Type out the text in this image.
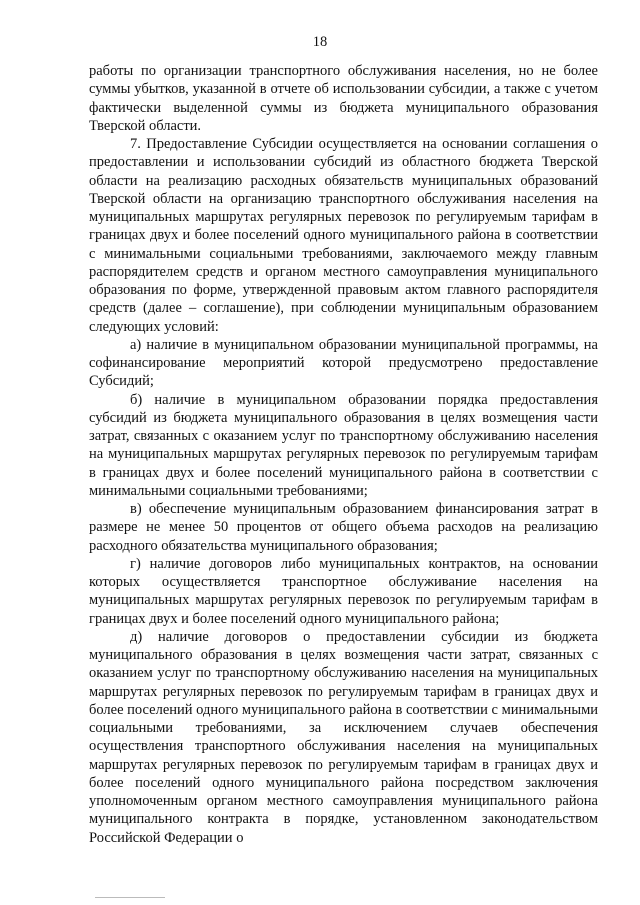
18

работы по организации транспортного обслуживания населения, но не более суммы убытков, указанной в отчете об использовании субсидии, а также с учетом фактически выделенной суммы из бюджета муниципального образования Тверской области.

7. Предоставление Субсидии осуществляется на основании соглашения о предоставлении и использовании субсидий из областного бюджета Тверской области на реализацию расходных обязательств муниципальных образований Тверской области на организацию транспортного обслуживания населения на муниципальных маршрутах регулярных перевозок по регулируемым тарифам в границах двух и более поселений одного муниципального района в соответствии с минимальными социальными требованиями, заключаемого между главным распорядителем средств и органом местного самоуправления муниципального образования по форме, утвержденной правовым актом главного распорядителя средств (далее – соглашение), при соблюдении муниципальным образованием следующих условий:

а) наличие в муниципальном образовании муниципальной программы, на софинансирование мероприятий которой предусмотрено предоставление Субсидий;

б) наличие в муниципальном образовании порядка предоставления субсидий из бюджета муниципального образования в целях возмещения части затрат, связанных с оказанием услуг по транспортному обслуживанию населения на муниципальных маршрутах регулярных перевозок по регулируемым тарифам в границах двух и более поселений муниципального района в соответствии с минимальными социальными требованиями;

в) обеспечение муниципальным образованием финансирования затрат в размере не менее 50 процентов от общего объема расходов на реализацию расходного обязательства муниципального образования;

г) наличие договоров либо муниципальных контрактов, на основании которых осуществляется транспортное обслуживание населения на муниципальных маршрутах регулярных перевозок по регулируемым тарифам в границах двух и более поселений одного муниципального района;

д) наличие договоров о предоставлении субсидии из бюджета муниципального образования в целях возмещения части затрат, связанных с оказанием услуг по транспортному обслуживанию населения на муниципальных маршрутах регулярных перевозок по регулируемым тарифам в границах двух и более поселений одного муниципального района в соответствии с минимальными социальными требованиями, за исключением случаев обеспечения осуществления транспортного обслуживания населения на муниципальных маршрутах регулярных перевозок по регулируемым тарифам в границах двух и более поселений одного муниципального района посредством заключения уполномоченным органом местного самоуправления муниципального района муниципального контракта в порядке, установленном законодательством Российской Федерации о
